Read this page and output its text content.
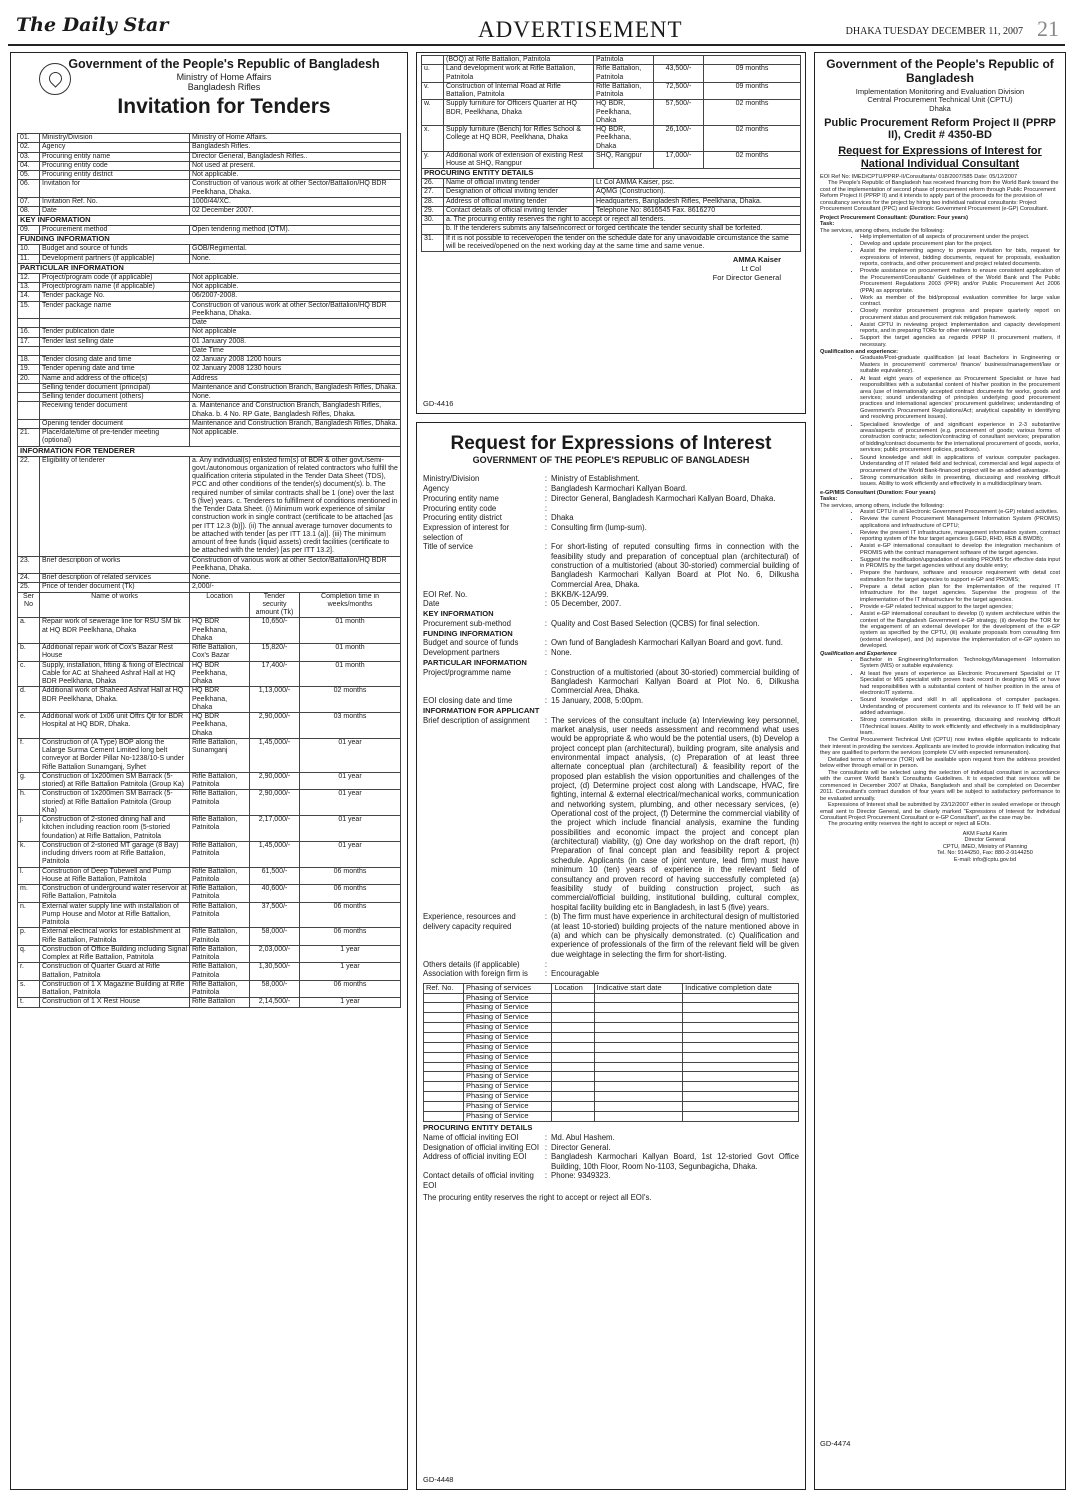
The Daily Star	ADVERTISEMENT	DHAKA TUESDAY DECEMBER 11, 2007 21
Government of the People's Republic of Bangladesh
Ministry of Home Affairs
Bangladesh Rifles
Invitation for Tenders
01.	Ministry/Division	Ministry of Home Affairs.
02.	Agency	Bangladesh Rifles.
03.	Procuring entity name	Director General, Bangladesh Rifles..
04.	Procuring entity code	Not used at present.
05.	Procuring entity district	Not applicable.
06.	Invitation for	Construction of various work at other Sector/Battalion/HQ BDR Peelkhana, Dhaka.
07.	Invitation Ref. No.	1000/44/XC.
08.	Date	02 December 2007.
KEY INFORMATION		
09.	Procurement method	Open tendering method (OTM).
FUNDING INFORMATION		
10.	Budget and source of funds	GOB/Regimental.
11.	Development partners (if applicable)	None.
PARTICULAR INFORMATION		
12.	Project/program code (if applicable)	Not applicable.
13.	Project/program name (if applicable)	Not applicable.
14.	Tender package No.	06/2007-2008.
15.	Tender package name	Construction of various work at other Sector/Battalion/HQ BDR Peelkhana, Dhaka.
		Date
16.	Tender publication date	Not applicable
17.	Tender last selling date	01 January 2008.
		Date Time
18.	Tender closing date and time	02 January 2008 1200 hours
19.	Tender opening date and time	02 January 2008 1230 hours
20.	Name and address of the office(s)	Address
	Selling tender document (principal)	Maintenance and Construction Branch, Bangladesh Rifles, Dhaka.
	Selling tender document (others)	None.
	Receiving tender document	a. Maintenance and Construction Branch, Bangladesh Rifles, Dhaka. b. 4 No. RP Gate, Bangladesh Rifles, Dhaka.
	Opening tender document	Maintenance and Construction Branch, Bangladesh Rifles, Dhaka.
21.	Place/date/time of pre-tender meeting (optional)	Not applicable.
INFORMATION FOR TENDERER		
22.	Eligibility of tenderer	a. Any individual(s) enlisted firm(s) of BDR & other govt./semi-govt./autonomous organization of related contractors who fulfill the qualification criteria stipulated in the Tender Data Sheet (TDS), PCC and other conditions of the tender(s) document(s). b. The required number of similar contracts shall be 1 (one) over the last 5 (five) years. c. Tenderers to fulfillment of conditions mentioned in the Tender Data Sheet. (i) Minimum work experience of similar construction work in single contract (certificate to be attached [as per ITT 12.3 (b)]). (ii) The annual average turnover documents to be attached with tender [as per ITT 13.1 (a)]. (iii) The minimum amount of free funds (liquid assets) credit facilities (certificate to be attached with the tender) [as per ITT 13.2].
23.	Brief description of works	Construction of various work at other Sector/Battalion/HQ BDR Peelkhana, Dhaka.
24.	Brief description of related services	None.
25.	Price of tender document (Tk)	2,000/-
Ser No	Name of works	Location	Tender security amount (Tk)	Completion time in weeks/months
a.	Repair work of sewerage line for RSU SM bk at HQ BDR Peelkhana, Dhaka	HQ BDR Peelkhana, Dhaka	10,650/-	01 month
b.	Additional repair work of Cox's Bazar Rest House	Rifle Battalion, Cox's Bazar	15,820/-	01 month
c.	Supply, installation, fitting & fixing of Electrical Cable for AC at Shaheed Ashraf Hall at HQ BDR Peelkhana, Dhaka	HQ BDR Peelkhana, Dhaka	17,400/-	01 month
d.	Additional work of Shaheed Ashraf Hall at HQ BDR Peelkhana, Dhaka.	HQ BDR Peelkhana, Dhaka	1,13,000/-	02 months
e.	Additional work of 1x06 unit Offrs Qtr for BDR Hospital at HQ BDR, Dhaka.	HQ BDR Peelkhana, Dhaka	2,90,000/-	03 months
f.	Construction of (A Type) BOP along the Lalarge Surma Cement Limited long belt conveyor at Border Pillar No-1238/10-S under Rifle Battalion Sunamganj, Sylhet	Rifle Battalion, Sunamganj	1,45,000/-	01 year
g.	Construction of 1x200men SM Barrack (5-storied) at Rifle Battalion Patnitola (Group Ka)	Rifle Battalion, Patnitola	2,90,000/-	01 year
h.	Construction of 1x200men SM Barrack (5-storied) at Rifle Battalion Patnitola (Group Kha)	Rifle Battalion, Patnitola	2,90,000/-	01 year
j.	Construction of 2-storied dining hall and kitchen including reaction room (5-storied foundation) at Rifle Battalion, Patnitola	Rifle Battalion, Patnitola	2,17,000/-	01 year
k.	Construction of 2-storied MT garage (8 Bay) including drivers room at Rifle Battalion, Patnitola	Rifle Battalion, Patnitola	1,45,000/-	01 year
l.	Construction of Deep Tubewell and Pump House at Rifle Battalion, Patnitola	Rifle Battalion, Patnitola	61,500/-	06 months
m.	Construction of underground water reservoir at Rifle Battalion, Patnitola	Rifle Battalion, Patnitola	40,600/-	06 months
n.	External water supply line with installation of Pump House and Motor at Rifle Battalion, Patnitola	Rifle Battalion, Patnitola	37,500/-	06 months
p.	External electrical works for establishment at Rifle Battalion, Patnitola	Rifle Battalion, Patnitola	58,000/-	06 months
q.	Construction of Office Building including Signal Complex at Rifle Battalion, Patnitola	Rifle Battalion, Patnitola	2,03,000/-	1 year
r.	Construction of Quarter Guard at Rifle Battalion, Patnitola	Rifle Battalion, Patnitola	1,30,500/-	1 year
s.	Construction of 1 X Magazine Building at Rifle Battalion, Patnitola	Rifle Battalion, Patnitola	58,000/-	06 months
t.	Construction of 1 X Rest House	Rifle Battalion	2,14,500/-	1 year
	(BOQ) at Rifle Battalion, Patnitola	Patnitola		
u.	Land development work at Rifle Battalion, Patnitola	Rifle Battalion, Patnitola	43,500/-	09 months
v.	Construction of Internal Road at Rifle Battalion, Patnitola	Rifle Battalion, Patnitola	72,500/-	09 months
w.	Supply furniture for Officers Quarter at HQ BDR, Peelkhana, Dhaka	HQ BDR, Peelkhana, Dhaka	57,500/-	02 months
x.	Supply furniture (Bench) for Rifles School & College at HQ BDR, Peelkhana, Dhaka	HQ BDR, Peelkhana, Dhaka	26,100/-	02 months
y.	Additional work of extension of existing Rest House at SHQ, Rangpur	SHQ, Rangpur	17,000/-	02 months
PROCURING ENTITY DETAILS		
26.	Name of official inviting tender	Lt Col AMMA Kaiser, psc.
27.	Designation of official inviting tender	AQMG (Construction).
28.	Address of official inviting tender	Headquarters, Bangladesh Rifles, Peelkhana, Dhaka.
29.	Contact details of official inviting tender	Telephone No: 8616545 Fax. 8616270
30.	a. The procuring entity reserves the right to accept or reject all tenders.	
	b. If the tenderers submits any false/incorrect or forged certificate the tender security shall be forfeited.	
31.	If it is not possible to receive/open the tender on the schedule date for any unavoidable circumstance the same will be received/opened on the next working day at the same time and same venue.	
AMMA Kaiser
Lt Col
For Director General
GD-4416
Request for Expressions of Interest
GOVERNMENT OF THE PEOPLE'S REPUBLIC OF BANGLADESH
Ministry/Division	: Ministry of Establishment.
Agency	: Bangladesh Karmochari Kallyan Board.
Procuring entity name	: Director General, Bangladesh Karmochari Kallyan Board, Dhaka.
Procuring entity code	:
Procuring entity district	: Dhaka
Expression of interest for selection of
: Consulting firm (lump-sum).
Title of service	: For short-listing of reputed consulting firms in connection with the feasibility study and preparation of conceptual plan (architectural) of construction of a multistoried (about 30-storied) commercial building of Bangladesh Karmochari Kallyan Board at Plot No. 6, Dilkusha Commercial Area, Dhaka.
EOI Ref. No.	: BKKB/K-12A/99.
Date	: 05 December, 2007.
KEY INFORMATION
Procurement sub-method	: Quality and Cost Based Selection (QCBS) for final selection.
FUNDING INFORMATION
Budget and source of funds	: Own fund of Bangladesh Karmochari Kallyan Board and govt. fund.
Development partners	: None.
PARTICULAR INFORMATION
Project/programme name	: Construction of a multistoried (about 30-storied) commercial building of Bangladesh Karmochari Kallyan Board at Plot No. 6, Dilkusha Commercial Area, Dhaka.
EOI closing date and time	: 15 January, 2008, 5:00pm.
INFORMATION FOR APPLICANT
Brief description of assignment	: The services of the consultant include (a) Interviewing key personnel, market analysis, user needs assessment and recommend what uses would be appropriate & who would be the potential users, (b) Develop a project concept plan (architectural), building program, site analysis and environmental impact analysis, (c) Preparation of at least three alternate conceptual plan (architectural) & feasibility report of the proposed plan establish the vision opportunities and challenges of the project, (d) Determine project cost along with Landscape, HVAC, fire fighting, internal & external electrical/mechanical works, communication and networking system, plumbing, and other necessary services, (e) Operational cost of the project, (f) Determine the commercial viability of the project which include financial analysis, examine the funding possibilities and economic impact the project and concept plan (architectural) viability, (g) One day workshop on the draft report, (h) Preparation of final concept plan and feasibility report & project schedule. Applicants (in case of joint venture, lead firm) must have minimum 10 (ten) years of experience in the relevant field of consultancy and proven record of having successfully completed (a) feasibility study of building construction project, such as commercial/official building, institutional building, cultural complex, hospital facility building etc in Bangladesh, in last 5 (five) years.
Experience, resources and delivery capacity required
: (b) The firm must have experience in architectural design of multistoried (at least 10-storied) building projects of the nature mentioned above in (a) and which can be physically demonstrated. (c) Qualification and experience of professionals of the firm of the relevant field will be given due weightage in selecting the firm for short-listing.
Others details (if applicable)	:
Association with foreign firm is	: Encouragable
Ref. No.	Phasing of services	Location	Indicative start date	Indicative completion date
	Phasing of Service			
	Phasing of Service			
	Phasing of Service			
	Phasing of Service			
	Phasing of Service			
	Phasing of Service			
	Phasing of Service			
	Phasing of Service			
	Phasing of Service			
	Phasing of Service			
	Phasing of Service			
	Phasing of Service			
	Phasing of Service			
PROCURING ENTITY DETAILS
Name of official inviting EOI	: Md. Abul Hashem.
Designation of official inviting EOI : Director General.
Address of official inviting EOI	: Bangladesh Karmochari Kallyan Board, 1st 12-storied Govt Office Building, 10th Floor, Room No-1103, Segunbagicha, Dhaka.
Contact details of official inviting EOI
: Phone: 9349323.
The procuring entity reserves the right to accept or reject all EOI's.
GD-4448
Government of the People's Republic of Bangladesh
Implementation Monitoring and Evaluation Division
Central Procurement Technical Unit (CPTU)
Dhaka
Public Procurement Reform Project II (PPRP II), Credit # 4350-BD
Request for Expressions of Interest for National Individual Consultant
EOI Ref No: IMED/CPTU/PPRP-II/Consultants/ 018/2007/585 Date: 05/12/2007
The People's Republic of Bangladesh has received financing from the World Bank toward the cost of the implementation of second phase of procurement reform through Public Procurement Reform Project II (PPRP II) and it intends to apply part of the proceeds for the provision of consultancy services for the project by hiring two individual national consultants: Project Procurement Consultant (PPC) and Electronic Government Procurement (e-GP) Consultant.
Project Procurement Consultant: (Duration: Four years)
Task:
The services, among others, include the following:
• Help implementation of all aspects of procurement under the project.
• Develop and update procurement plan for the project.
• Assist the implementing agency to prepare invitation for bids, request for expressions of interest, bidding documents, request for proposals, evaluation reports, contracts, and other procurement and project related documents.
• Provide assistance on procurement matters to ensure consistent application of the Procurement/Consultants' Guidelines of the World Bank and The Public Procurement Regulations 2003 (PPR) and/or Public Procurement Act 2006 (PPA) as appropriate.
• Work as member of the bid/proposal evaluation committee for large value contract.
• Closely monitor procurement progress and prepare quarterly report on procurement status and procurement risk mitigation framework.
• Assist CPTU in reviewing project implementation and capacity development reports, and in preparing TORs for other relevant tasks.
• Support the target agencies as regards PPRP II procurement matters, if necessary.
Qualification and experience:
• Graduate/Post-graduate qualification (at least Bachelors in Engineering or Masters in procurement/ commerce/ finance/ business/management/law or suitable equivalency).
• At least eight years of experience as Procurement Specialist or have had responsibilities with a substantial content of his/her position in the procurement area (use of internationally accepted contract documents for works, goods and services; sound understanding of principles underlying good procurement practices and international agencies' procurement guidelines; understanding of Government's Procurement Regulations/Act; analytical capability in identifying and resolving procurement issues).
• Specialised knowledge of and significant experience in 2-3 substantive areas/aspects of procurement (e.g. procurement of goods; various forms of construction contracts; selection/contracting of consultant services; preparation of bidding/contract documents for the international procurement of goods, works, services; public procurement policies, practices).
• Sound knowledge and skill in applications of various computer packages. Understanding of IT related field and technical, commercial and legal aspects of procurement of the World Bank-financed project will be an added advantage.
• Strong communication skills in presenting, discussing and resolving difficult issues. Ability to work efficiently and effectively in a multidisciplinary team.
e-GP/MIS Consultant (Duration: Four years)
Tasks:
The services, among others, include the following:
• Assist CPTU in all Electronic Government Procurement (e-GP) related activities.
• Review the current Procurement Management Information System (PROMIS) applications and infrastructure of CPTU;
• Review the present IT infrastructure, management information system, contract reporting system of the four target agencies (LGED, RHD, REB & BWDB);
• Assist e-GP international consultant to develop the integration mechanism of PROMIS with the contract management software of the target agencies.
• Suggest the modification/upgradation of existing PROMIS for effective data input in PROMIS by the target agencies without any double entry;
• Prepare the hardware, software and resource requirement with detail cost estimation for the target agencies to support e-GP and PROMIS;
• Prepare a detail action plan for the implementation of the required IT infrastructure for the target agencies. Supervise the progress of the implementation of the IT infrastructure for the target agencies.
• Provide e-GP related technical support to the target agencies;
• Assist e-GP international consultant to develop (i) system architecture within the context of the Bangladesh Government e-GP strategy, (ii) develop the TOR for the engagement of an external developer for the development of the e-GP system as specified by the CPTU, (iii) evaluate proposals from consulting firm (external developer), and (iv) supervise the implementation of e-GP system so developed.
Qualification and Experience
• Bachelor in Engineering/Information Technology/Management Information System (MIS) or suitable equivalency.
• At least five years of experience as Electronic Procurement Specialist or IT Specialist or MIS specialist with proven track record in designing MIS or have had responsibilities with a substantial content of his/her position in the area of electronic/IT systems.
• Sound knowledge and skill in all applications of computer packages. Understanding of procurement contents and its relevance to IT field will be an added advantage.
• Strong communication skills in presenting, discussing and resolving difficult IT/technical issues. Ability to work efficiently and effectively in a multidisciplinary team.
The Central Procurement Technical Unit (CPTU) now invites eligible applicants to indicate their interest in providing the services. Applicants are invited to provide information indicating that they are qualified to perform the services (complete CV with expected remuneration).
Detailed terms of reference (TOR) will be available upon request from the address provided below either through email or in person.
The consultants will be selected using the selection of individual consultant in accordance with the current World Bank's Consultants Guidelines. It is expected that services will be commenced in December 2007 at Dhaka, Bangladesh and shall be completed on December 2011. Consultant's contract duration of four years will be subject to satisfactory performance to be evaluated annually.
Expressions of Interest shall be submitted by 23/12/2007 either in sealed envelope or through email sent to Director General, and be clearly marked "Expressions of Interest for Individual Consultant Project Procurement Consultant or e-GP Consultant", as the case may be.
The procuring entity reserves the right to accept or reject all EOIs.
AKM Fazlul Karim
Director General
CPTU, IMED, Ministry of Planning
Tel. No: 9144250, Fax: 880-2-9144250
E-mail: info@cptu.gov.bd
GD-4474
